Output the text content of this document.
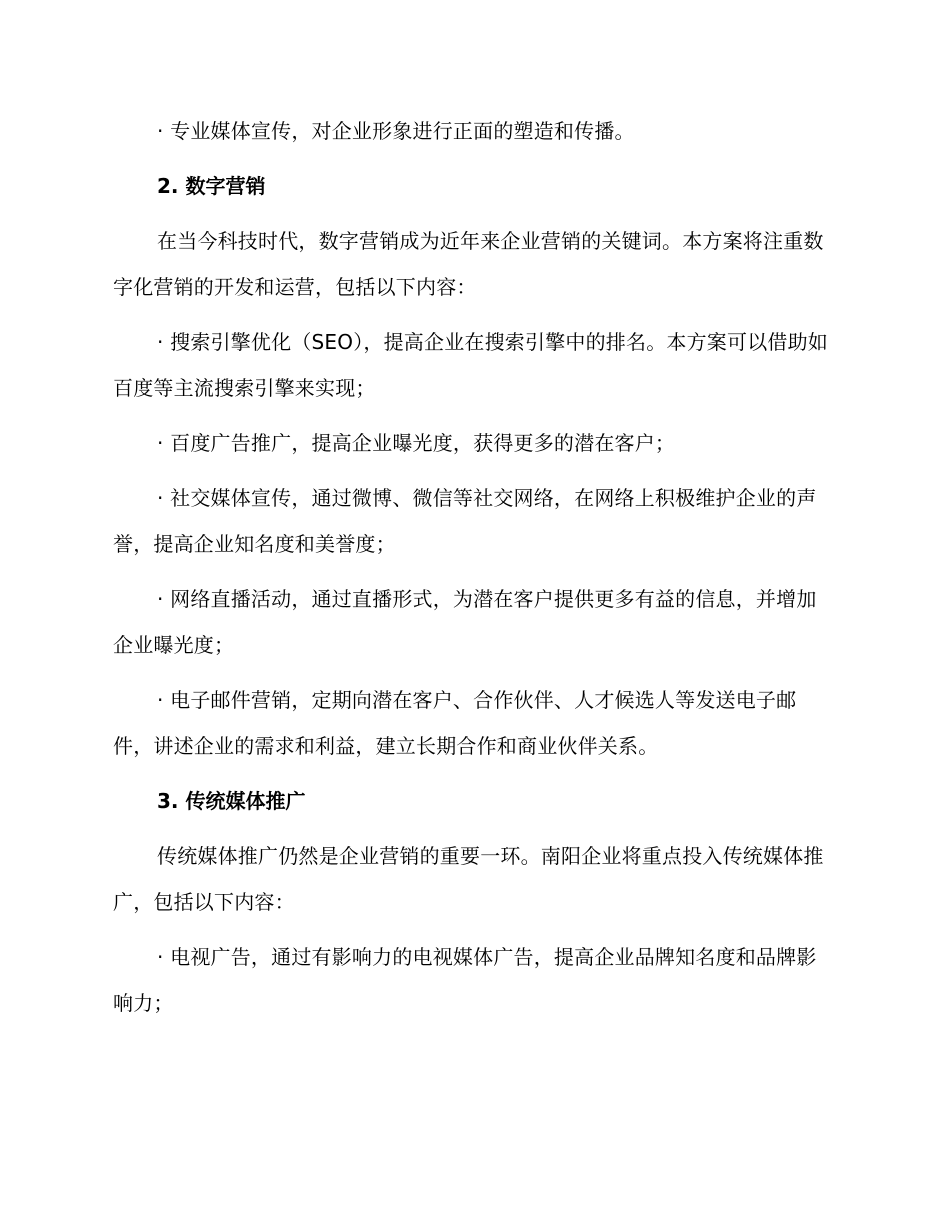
· 专业媒体宣传，对企业形象进行正面的塑造和传播。

2. 数字营销

在当今科技时代，数字营销成为近年来企业营销的关键词。本方案将注重数字化营销的开发和运营，包括以下内容：

· 搜索引擎优化（SEO），提高企业在搜索引擎中的排名。本方案可以借助如百度等主流搜索引擎来实现；

· 百度广告推广，提高企业曝光度，获得更多的潜在客户；

· 社交媒体宣传，通过微博、微信等社交网络，在网络上积极维护企业的声誉，提高企业知名度和美誉度；

· 网络直播活动，通过直播形式，为潜在客户提供更多有益的信息，并增加企业曝光度；

· 电子邮件营销，定期向潜在客户、合作伙伴、人才候选人等发送电子邮件，讲述企业的需求和利益，建立长期合作和商业伙伴关系。

3. 传统媒体推广

传统媒体推广仍然是企业营销的重要一环。南阳企业将重点投入传统媒体推广，包括以下内容：

· 电视广告，通过有影响力的电视媒体广告，提高企业品牌知名度和品牌影响力；
